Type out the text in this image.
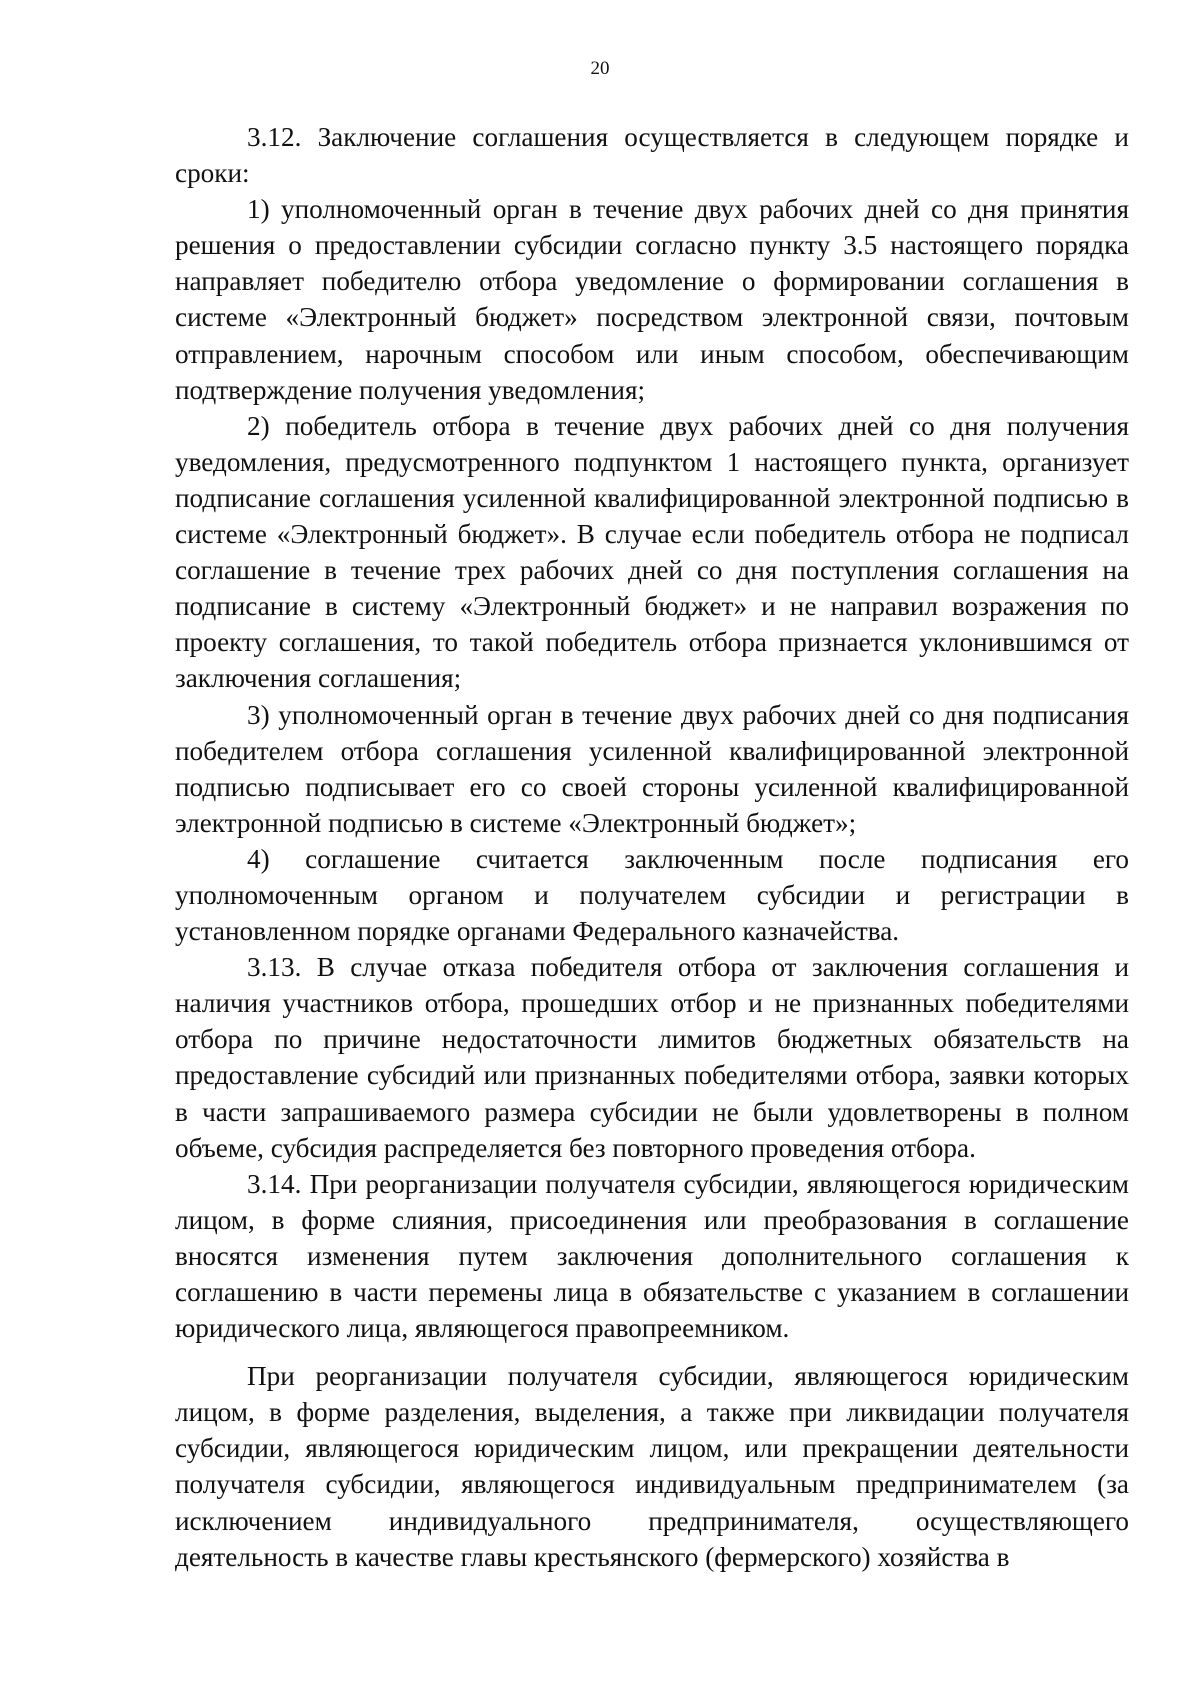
20

3.12. Заключение соглашения осуществляется в следующем порядке и сроки:

1) уполномоченный орган в течение двух рабочих дней со дня принятия решения о предоставлении субсидии согласно пункту 3.5 настоящего порядка направляет победителю отбора уведомление о формировании соглашения в системе «Электронный бюджет» посредством электронной связи, почтовым отправлением, нарочным способом или иным способом, обеспечивающим подтверждение получения уведомления;

2) победитель отбора в течение двух рабочих дней со дня получения уведомления, предусмотренного подпунктом 1 настоящего пункта, организует подписание соглашения усиленной квалифицированной электронной подписью в системе «Электронный бюджет». В случае если победитель отбора не подписал соглашение в течение трех рабочих дней со дня поступления соглашения на подписание в систему «Электронный бюджет» и не направил возражения по проекту соглашения, то такой победитель отбора признается уклонившимся от заключения соглашения;

3) уполномоченный орган в течение двух рабочих дней со дня подписания победителем отбора соглашения усиленной квалифицированной электронной подписью подписывает его со своей стороны усиленной квалифицированной электронной подписью в системе «Электронный бюджет»;

4) соглашение считается заключенным после подписания его уполномоченным органом и получателем субсидии и регистрации в установленном порядке органами Федерального казначейства.

3.13. В случае отказа победителя отбора от заключения соглашения и наличия участников отбора, прошедших отбор и не признанных победителями отбора по причине недостаточности лимитов бюджетных обязательств на предоставление субсидий или признанных победителями отбора, заявки которых в части запрашиваемого размера субсидии не были удовлетворены в полном объеме, субсидия распределяется без повторного проведения отбора.

3.14. При реорганизации получателя субсидии, являющегося юридическим лицом, в форме слияния, присоединения или преобразования в соглашение вносятся изменения путем заключения дополнительного соглашения к соглашению в части перемены лица в обязательстве с указанием в соглашении юридического лица, являющегося правопреемником.

При реорганизации получателя субсидии, являющегося юридическим лицом, в форме разделения, выделения, а также при ликвидации получателя субсидии, являющегося юридическим лицом, или прекращении деятельности получателя субсидии, являющегося индивидуальным предпринимателем (за исключением индивидуального предпринимателя, осуществляющего деятельность в качестве главы крестьянского (фермерского) хозяйства в
